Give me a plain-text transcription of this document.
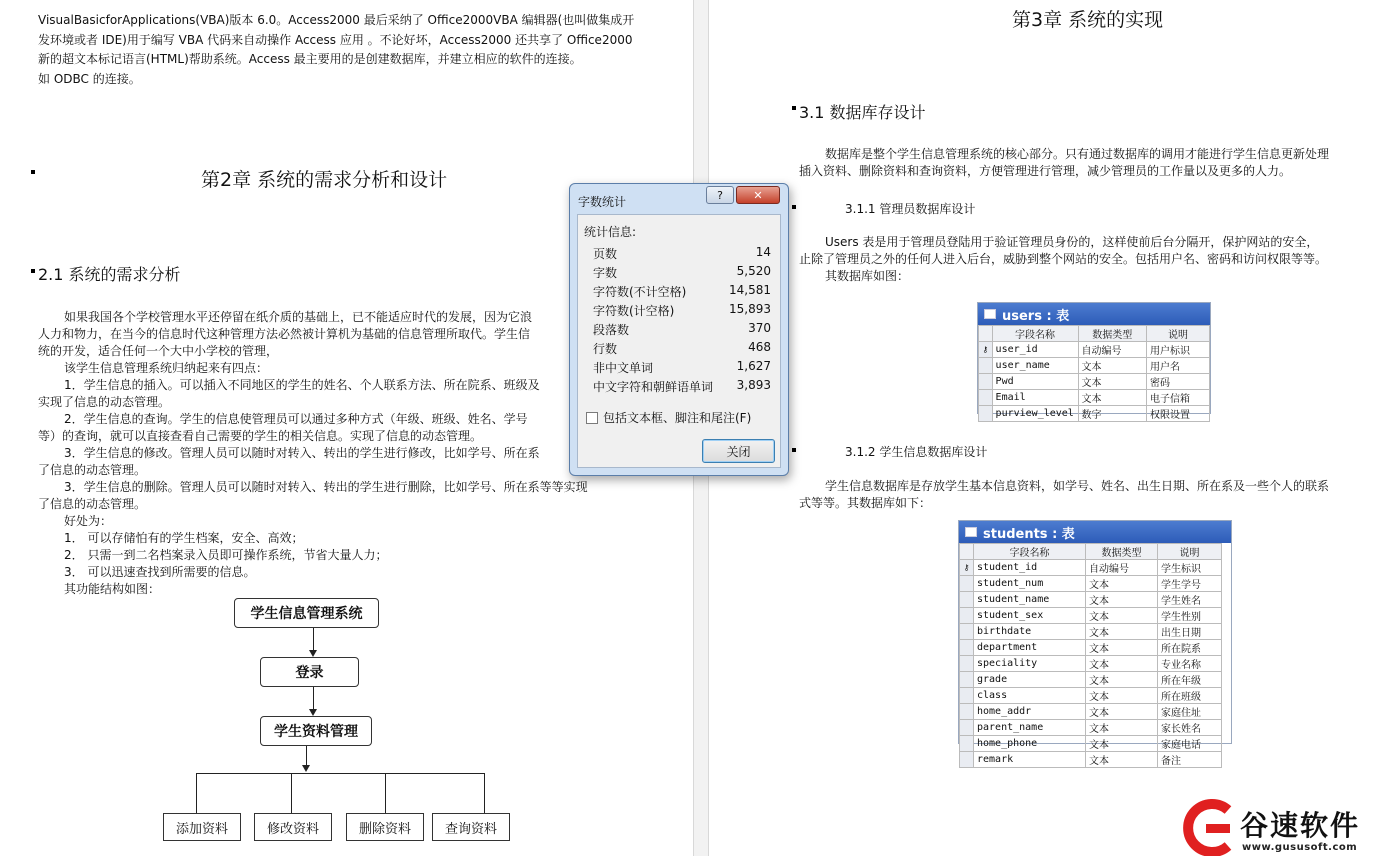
VisualBasicforApplications(VBA)版本 6.0。Access2000 最后采纳了 Office2000VBA 编辑器(也叫做集成开
发环境或者 IDE)用于编写 VBA 代码来自动操作 Access 应用 。不论好坏，Access2000 还共享了 Office2000
新的超文本标记语言(HTML)帮助系统。Access 最主要用的是创建数据库，并建立相应的软件的连接。
如 ODBC 的连接。
第2章 系统的需求分析和设计
2.1 系统的需求分析
如果我国各个学校管理水平还停留在纸介质的基础上，已不能适应时代的发展，因为它浪
人力和物力，在当今的信息时代这种管理方法必然被计算机为基础的信息管理所取代。学生信
统的开发，适合任何一个大中小学校的管理，
该学生信息管理系统归纳起来有四点：
1．学生信息的插入。可以插入不同地区的学生的姓名、个人联系方法、所在院系、班级及
实现了信息的动态管理。
2．学生信息的查询。学生的信息使管理员可以通过多种方式（年级、班级、姓名、学号
等）的查询，就可以直接查看自己需要的学生的相关信息。实现了信息的动态管理。
3．学生信息的修改。管理人员可以随时对转入、转出的学生进行修改，比如学号、所在系
了信息的动态管理。
3．学生信息的删除。管理人员可以随时对转入、转出的学生进行删除，比如学号、所在系等等实现
了信息的动态管理。
好处为：
1． 可以存储怕有的学生档案，安全、高效；
2． 只需一到二名档案录入员即可操作系统，节省大量人力；
3． 可以迅速查找到所需要的信息。
其功能结构如图：
学生信息管理系统
登录
学生资料管理
添加资料	修改资料	删除资料	查询资料
第3章 系统的实现
3.1 数据库存设计
数据库是整个学生信息管理系统的核心部分。只有通过数据库的调用才能进行学生信息更新处理
插入资料、删除资料和查询资料，方便管理进行管理，减少管理员的工作量以及更多的人力。
3.1.1 管理员数据库设计
Users 表是用于管理员登陆用于验证管理员身份的，这样使前后台分隔开，保护网站的安全，
止除了管理员之外的任何人进入后台，威胁到整个网站的安全。包括用户名、密码和访问权限等等。
其数据库如图：
users : 表
	字段名称	数据类型	说明
⚷	user_id	自动编号	用户标识
	user_name	文本	用户名
	Pwd	文本	密码
	Email	文本	电子信箱
	purview_level	数字	权限设置
3.1.2 学生信息数据库设计
学生信息数据库是存放学生基本信息资料，如学号、姓名、出生日期、所在系及一些个人的联系
式等等。其数据库如下：
students : 表
	字段名称	数据类型	说明
⚷	student_id	自动编号	学生标识
	student_num	文本	学生学号
	student_name	文本	学生姓名
	student_sex	文本	学生性别
	birthdate	文本	出生日期
	department	文本	所在院系
	speciality	文本	专业名称
	grade	文本	所在年级
	class	文本	所在班级
	home_addr	文本	家庭住址
	parent_name	文本	家长姓名
	home_phone	文本	家庭电话
	remark	文本	备注
字数统计	?	✕
统计信息:
页数	14
字数	5,520
字符数(不计空格)	14,581
字符数(计空格)	15,893
段落数	370
行数	468
非中文单词	1,627
中文字符和朝鲜语单词 3,893
包括文本框、脚注和尾注(F)
关闭
谷速软件
www.gususoft.com
